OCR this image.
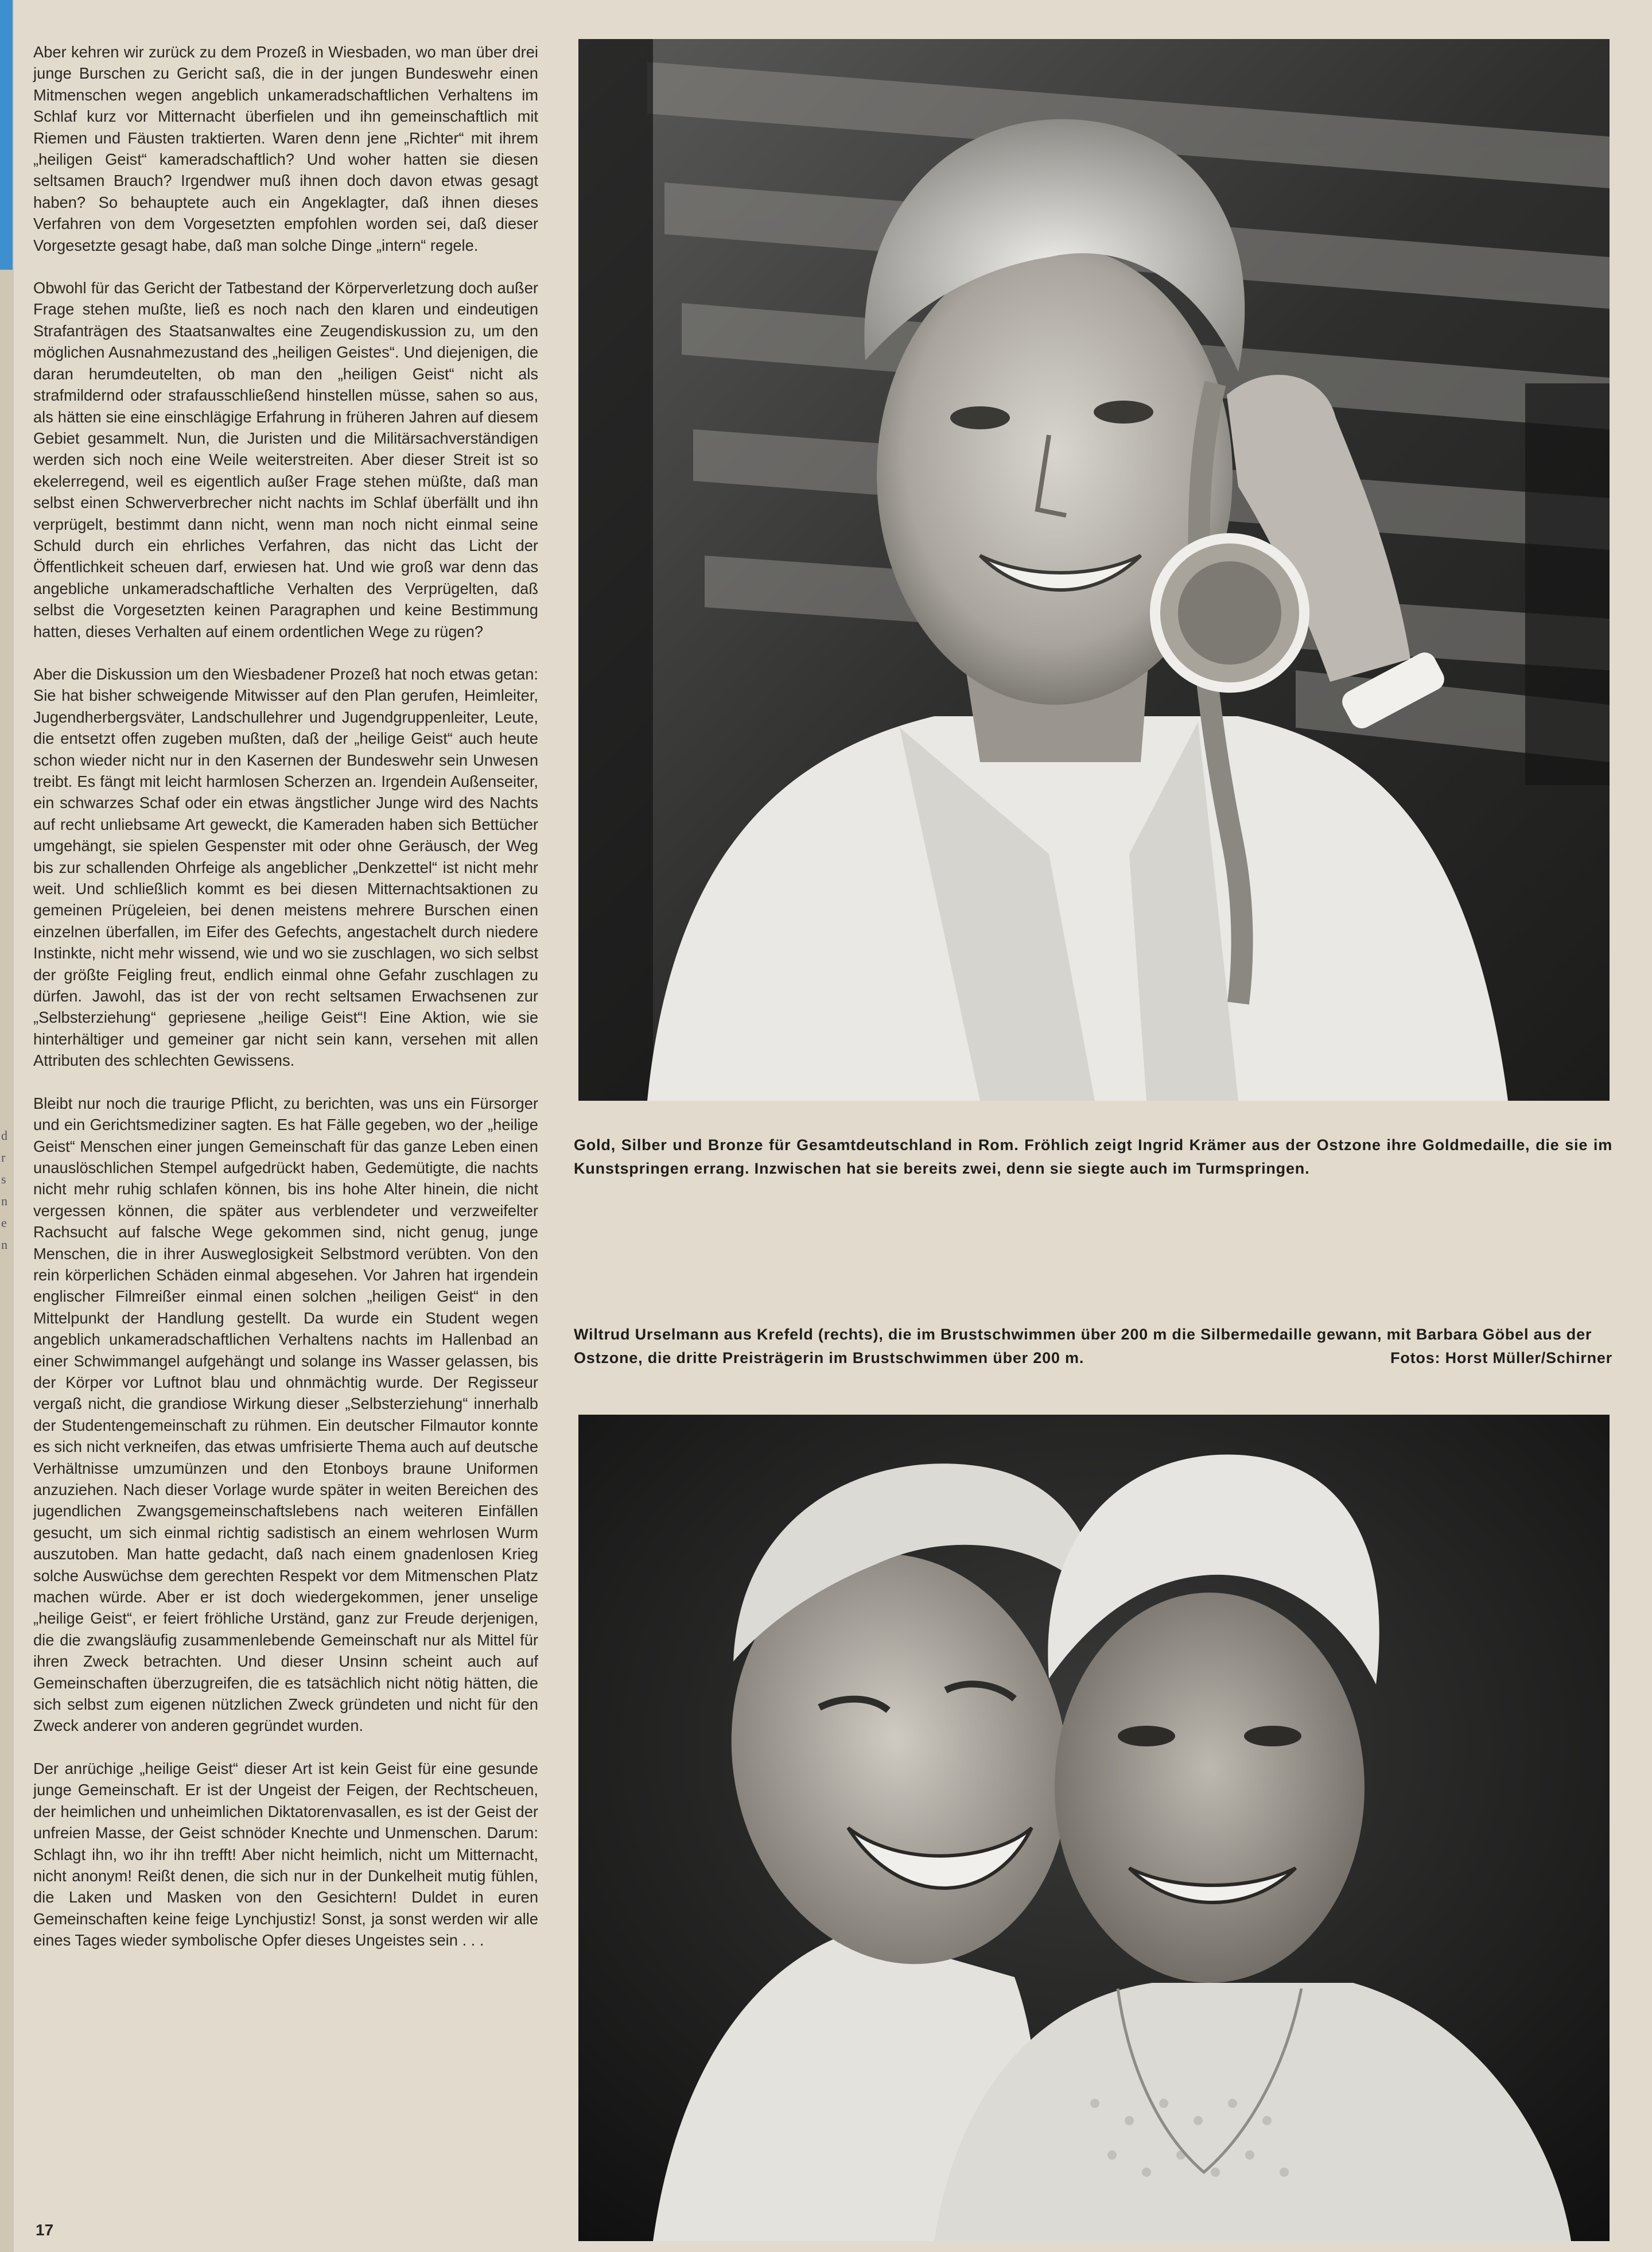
d
r
s
n
e
n

Aber kehren wir zurück zu dem Prozeß in Wiesbaden, wo man über drei junge Burschen zu Gericht saß, die in der jungen Bundeswehr einen Mitmenschen wegen angeblich unkameradschaftlichen Verhaltens im Schlaf kurz vor Mitternacht überfielen und ihn gemeinschaftlich mit Riemen und Fäusten traktierten. Waren denn jene „Richter“ mit ihrem „heiligen Geist“ kameradschaftlich? Und woher hatten sie diesen seltsamen Brauch? Irgendwer muß ihnen doch davon etwas gesagt haben? So behauptete auch ein Angeklagter, daß ihnen dieses Verfahren von dem Vorgesetzten empfohlen worden sei, daß dieser Vorgesetzte gesagt habe, daß man solche Dinge „intern“ regele.

Obwohl für das Gericht der Tatbestand der Körperverletzung doch außer Frage stehen mußte, ließ es noch nach den klaren und eindeutigen Strafanträgen des Staatsanwaltes eine Zeugendiskussion zu, um den möglichen Ausnahmezustand des „heiligen Geistes“. Und diejenigen, die daran herumdeutelten, ob man den „heiligen Geist“ nicht als strafmildernd oder strafausschließend hinstellen müsse, sahen so aus, als hätten sie eine einschlägige Erfahrung in früheren Jahren auf diesem Gebiet gesammelt. Nun, die Juristen und die Militärsachverständigen werden sich noch eine Weile weiterstreiten. Aber dieser Streit ist so ekelerregend, weil es eigentlich außer Frage stehen müßte, daß man selbst einen Schwerverbrecher nicht nachts im Schlaf überfällt und ihn verprügelt, bestimmt dann nicht, wenn man noch nicht einmal seine Schuld durch ein ehrliches Verfahren, das nicht das Licht der Öffentlichkeit scheuen darf, erwiesen hat. Und wie groß war denn das angebliche unkameradschaftliche Verhalten des Verprügelten, daß selbst die Vorgesetzten keinen Paragraphen und keine Bestimmung hatten, dieses Verhalten auf einem ordentlichen Wege zu rügen?

Aber die Diskussion um den Wiesbadener Prozeß hat noch etwas getan: Sie hat bisher schweigende Mitwisser auf den Plan gerufen, Heimleiter, Jugendherbergsväter, Landschullehrer und Jugendgruppenleiter, Leute, die entsetzt offen zugeben mußten, daß der „heilige Geist“ auch heute schon wieder nicht nur in den Kasernen der Bundeswehr sein Unwesen treibt. Es fängt mit leicht harmlosen Scherzen an. Irgendein Außenseiter, ein schwarzes Schaf oder ein etwas ängstlicher Junge wird des Nachts auf recht unliebsame Art geweckt, die Kameraden haben sich Bettücher umgehängt, sie spielen Gespenster mit oder ohne Geräusch, der Weg bis zur schallenden Ohrfeige als angeblicher „Denkzettel“ ist nicht mehr weit. Und schließlich kommt es bei diesen Mitternachtsaktionen zu gemeinen Prügeleien, bei denen meistens mehrere Burschen einen einzelnen überfallen, im Eifer des Gefechts, angestachelt durch niedere Instinkte, nicht mehr wissend, wie und wo sie zuschlagen, wo sich selbst der größte Feigling freut, endlich einmal ohne Gefahr zuschlagen zu dürfen. Jawohl, das ist der von recht seltsamen Erwachsenen zur „Selbsterziehung“ gepriesene „heilige Geist“! Eine Aktion, wie sie hinterhältiger und gemeiner gar nicht sein kann, versehen mit allen Attributen des schlechten Gewissens.

Bleibt nur noch die traurige Pflicht, zu berichten, was uns ein Fürsorger und ein Gerichtsmediziner sagten. Es hat Fälle gegeben, wo der „heilige Geist“ Menschen einer jungen Gemeinschaft für das ganze Leben einen unauslöschlichen Stempel aufgedrückt haben, Gedemütigte, die nachts nicht mehr ruhig schlafen können, bis ins hohe Alter hinein, die nicht vergessen können, die später aus verblendeter und verzweifelter Rachsucht auf falsche Wege gekommen sind, nicht genug, junge Menschen, die in ihrer Ausweglosigkeit Selbstmord verübten. Von den rein körperlichen Schäden einmal abgesehen. Vor Jahren hat irgendein englischer Filmreißer einmal einen solchen „heiligen Geist“ in den Mittelpunkt der Handlung gestellt. Da wurde ein Student wegen angeblich unkameradschaftlichen Verhaltens nachts im Hallenbad an einer Schwimmangel aufgehängt und solange ins Wasser gelassen, bis der Körper vor Luftnot blau und ohnmächtig wurde. Der Regisseur vergaß nicht, die grandiose Wirkung dieser „Selbsterziehung“ innerhalb der Studentengemeinschaft zu rühmen. Ein deutscher Filmautor konnte es sich nicht verkneifen, das etwas umfrisierte Thema auch auf deutsche Verhältnisse umzumünzen und den Etonboys braune Uniformen anzuziehen. Nach dieser Vorlage wurde später in weiten Bereichen des jugendlichen Zwangsgemeinschaftslebens nach weiteren Einfällen gesucht, um sich einmal richtig sadistisch an einem wehrlosen Wurm auszutoben. Man hatte gedacht, daß nach einem gnadenlosen Krieg solche Auswüchse dem gerechten Respekt vor dem Mitmenschen Platz machen würde. Aber er ist doch wiedergekommen, jener unselige „heilige Geist“, er feiert fröhliche Urständ, ganz zur Freude derjenigen, die die zwangsläufig zusammenlebende Gemeinschaft nur als Mittel für ihren Zweck betrachten. Und dieser Unsinn scheint auch auf Gemeinschaften überzugreifen, die es tatsächlich nicht nötig hätten, die sich selbst zum eigenen nützlichen Zweck gründeten und nicht für den Zweck anderer von anderen gegründet wurden.

Der anrüchige „heilige Geist“ dieser Art ist kein Geist für eine gesunde junge Gemeinschaft. Er ist der Ungeist der Feigen, der Rechtscheuen, der heimlichen und unheimlichen Diktatorenvasallen, es ist der Geist der unfreien Masse, der Geist schnöder Knechte und Unmenschen. Darum: Schlagt ihn, wo ihr ihn trefft! Aber nicht heimlich, nicht um Mitternacht, nicht anonym! Reißt denen, die sich nur in der Dunkelheit mutig fühlen, die Laken und Masken von den Gesichtern! Duldet in euren Gemeinschaften keine feige Lynchjustiz! Sonst, ja sonst werden wir alle eines Tages wieder symbolische Opfer dieses Ungeistes sein . . .

Gold, Silber und Bronze für Gesamtdeutschland in Rom. Fröhlich zeigt Ingrid Krämer aus der Ostzone ihre Goldmedaille, die sie im Kunstspringen errang. Inzwischen hat sie bereits zwei, denn sie siegte auch im Turmspringen.
Wiltrud Urselmann aus Krefeld (rechts), die im Brustschwimmen über 200 m die Silbermedaille gewann, mit Barbara Göbel aus der Ostzone, die dritte Preisträgerin im Brustschwimmen über 200 m.	Fotos: Horst Müller/Schirner
17
